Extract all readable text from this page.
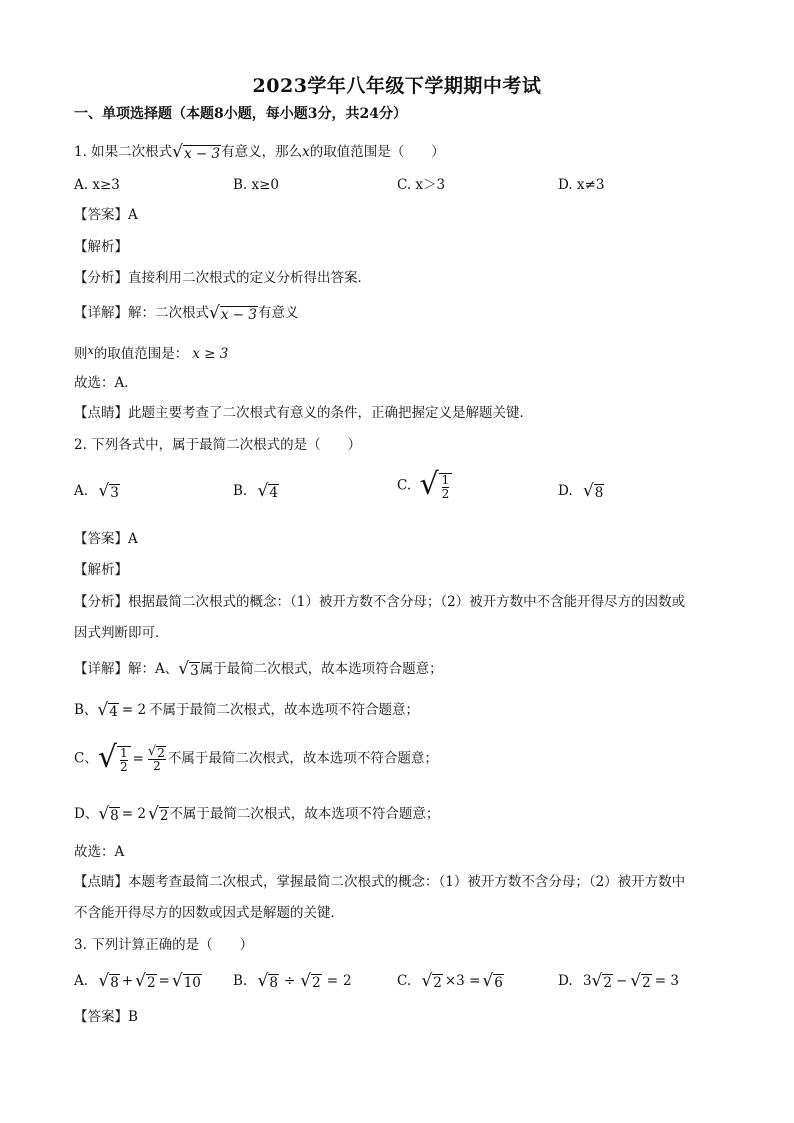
2023学年八年级下学期期中考试
一、单项选择题（本题8小题，每小题3分，共24分）
1. 如果二次根式 √ x − 3 有意义，那么x的取值范围是（　　）
A. x≥3	B. x≥0	C. x＞3	D. x≠3
【答案】A
【解析】
【分析】直接利用二次根式的定义分析得出答案．
【详解】解：二次根式 √ x − 3 有意义
则$^x$的取值范围是： x ≥ 3
故选：A．
【点睛】此题主要考查了二次根式有意义的条件，正确把握定义是解题关键．
2. 下列各式中，属于最简二次根式的是（　　）
A. √ 3	B. √ 4	C. √ $\frac{1}{2}$	D. √ 8
【答案】A
【解析】
【分析】根据最简二次根式的概念：（1）被开方数不含分母；（2）被开方数中不含能开得尽方的因数或
因式判断即可．
【详解】解：A、 √ 3 属于最简二次根式，故本选项符合题意；
B、 √ 4 = 2 不属于最简二次根式，故本选项不符合题意；
C、 √ $\frac{1}{2} = \frac{√ 2}{2}$ 不属于最简二次根式，故本选项不符合题意；
D、 √ 8 = 2 √ 2 不属于最简二次根式，故本选项不符合题意；
故选：A
【点睛】本题考查最简二次根式，掌握最简二次根式的概念：（1）被开方数不含分母；（2）被开方数中
不含能开得尽方的因数或因式是解题的关键．
3. 下列计算正确的是（　　）
A. √ 8 + √ 2 = √ 10 B. √ 8 ÷ √ 2 = 2	C. √ 2 ×3 = √ 6	D. 3 √ 2 − √ 2 = 3
【答案】B
